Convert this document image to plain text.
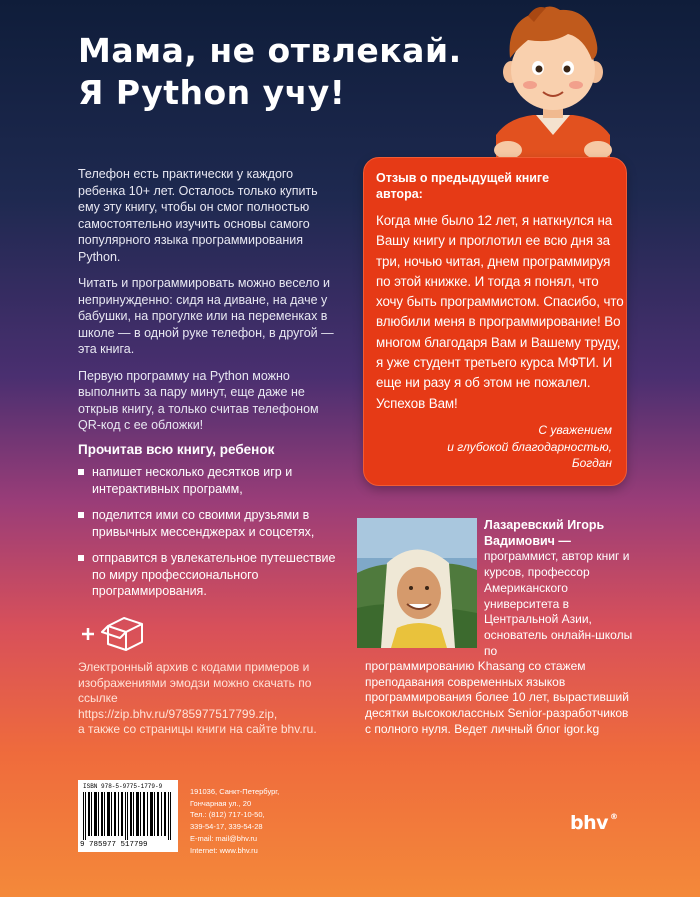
Мама, не отвлекай.
Я Python учу!

Телефон есть практически у каждого ребенка 10+ лет. Осталось только купить ему эту книгу, чтобы он смог полностью самостоятельно изучить основы самого популярного языка программирования Python.

Читать и программировать можно весело и непринужденно: сидя на диване, на даче у бабушки, на прогулке или на переменках в школе — в одной руке телефон, в другой — эта книга.

Первую программу на Python можно выполнить за пару минут, еще даже не открыв книгу, а только считав телефоном QR-код с ее обложки!

Прочитав всю книгу, ребенок
напишет несколько десятков игр и интерактивных программ,
поделится ими со своими друзьями в привычных мессенджерах и соцсетях,
отправится в увлекательное путешествие по миру профессионального программирования.
Электронный архив с кодами примеров и изображениями эмодзи можно скачать по ссылке
https://zip.bhv.ru/9785977517799.zip,
а также со страницы книги на сайте bhv.ru.
Отзыв о предыдущей книге автора:
Когда мне было 12 лет, я наткнулся на Вашу книгу и проглотил ее всю дня за три, ночью читая, днем программируя по этой книжке. И тогда я понял, что хочу быть программистом. Спасибо, что влюбили меня в программирование! Во многом благодаря Вам и Вашему труду, я уже студент третьего курса МФТИ. И еще ни разу я об этом не пожалел. Успехов Вам!
С уважением
и глубокой благодарностью,
Богдан
Лазаревский Игорь Вадимович —
программист, автор книг и курсов, профессор Американского университета в Центральной Азии, основатель онлайн-школы по
программированию Khasang со стажем преподавания современных языков программирования более 10 лет, вырастивший десятки высококлассных Senior-разработчиков с полного нуля. Ведет личный блог igor.kg
ISBN 978-5-9775-1779-9
9 785977 517799
191036, Санкт-Петербург,
Гончарная ул., 20
Тел.: (812) 717-10-50,
339-54-17, 339-54-28
E-mail: mail@bhv.ru
Internet: www.bhv.ru
bhv ®
